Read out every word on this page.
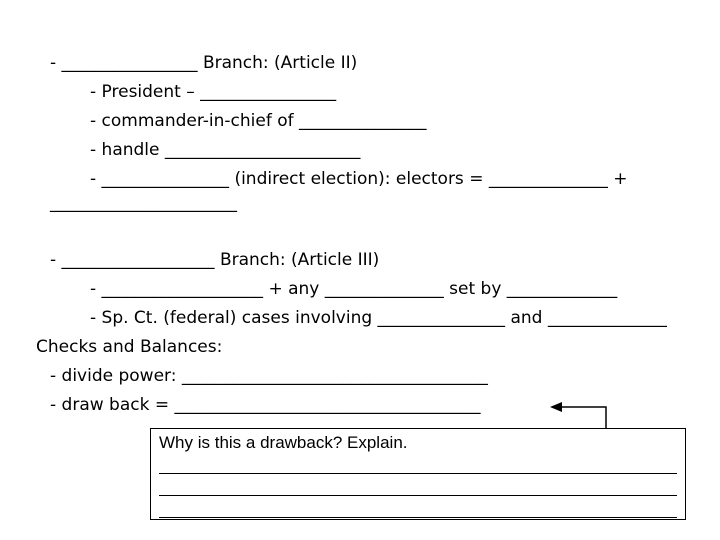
- ________________ Branch: (Article II)
- President – ________________
- commander-in-chief of _______________
- handle _______________________
- _______________ (indirect election): electors = ______________ +
______________________
- __________________ Branch: (Article III)
- ___________________ + any ______________ set by _____________
- Sp. Ct. (federal) cases involving _______________ and ______________
Checks and Balances:
- divide power: ____________________________________
- draw back = ____________________________________
Why is this a drawback? Explain.
